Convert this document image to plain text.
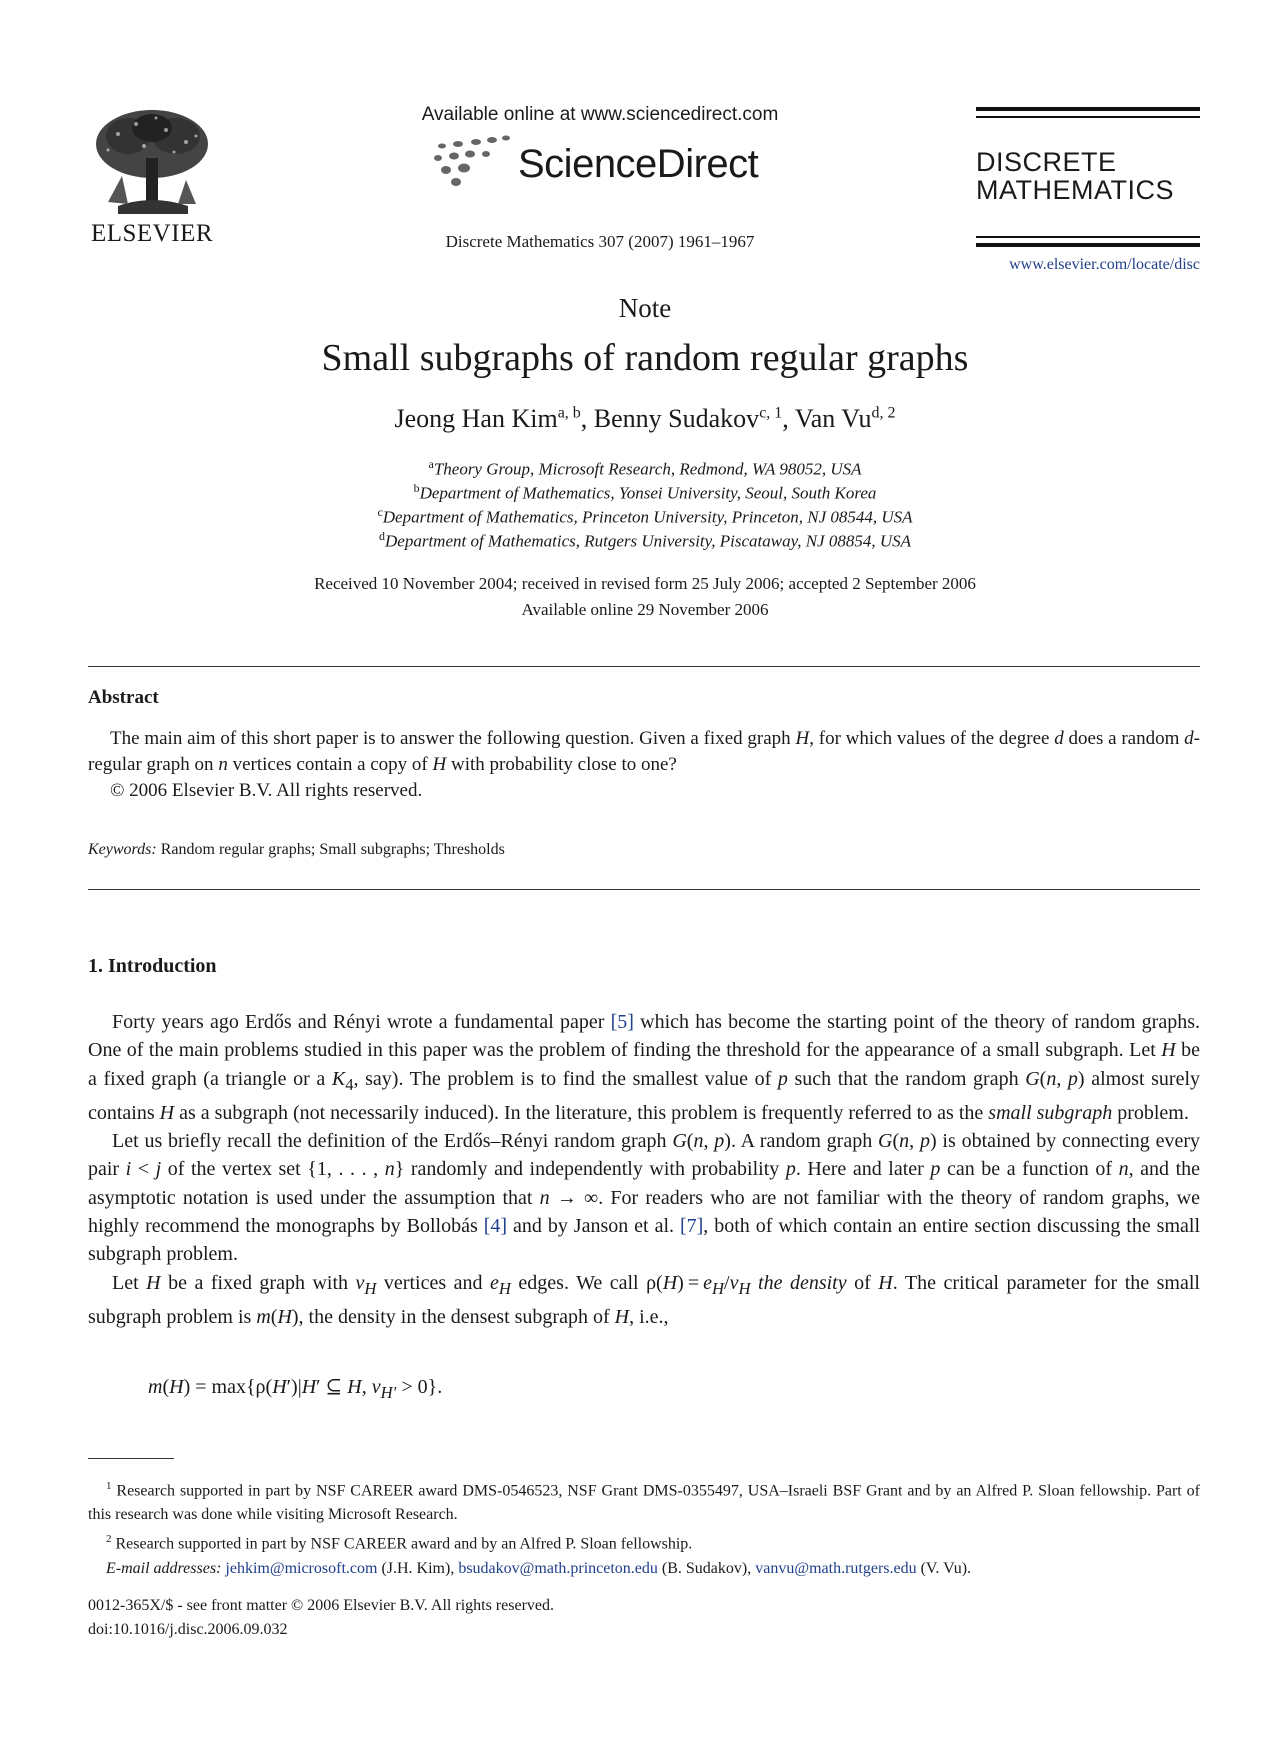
ELSEVIER
Available online at www.sciencedirect.com
ScienceDirect
Discrete Mathematics 307 (2007) 1961–1967
DISCRETE
MATHEMATICS
www.elsevier.com/locate/disc
Note
Small subgraphs of random regular graphs
Jeong Han Kim$^{a, b}$, Benny Sudakov$^{c, 1}$, Van Vu$^{d, 2}$
$^a$Theory Group, Microsoft Research, Redmond, WA 98052, USA
$^b$Department of Mathematics, Yonsei University, Seoul, South Korea
$^c$Department of Mathematics, Princeton University, Princeton, NJ 08544, USA
$^d$Department of Mathematics, Rutgers University, Piscataway, NJ 08854, USA
Received 10 November 2004; received in revised form 25 July 2006; accepted 2 September 2006
Available online 29 November 2006
Abstract

The main aim of this short paper is to answer the following question. Given a fixed graph H, for which values of the degree d does a random d-regular graph on n vertices contain a copy of H with probability close to one?

© 2006 Elsevier B.V. All rights reserved.

Keywords: Random regular graphs; Small subgraphs; Thresholds
1. Introduction

Forty years ago Erdős and Rényi wrote a fundamental paper [5] which has become the starting point of the theory of random graphs. One of the main problems studied in this paper was the problem of finding the threshold for the appearance of a small subgraph. Let H be a fixed graph (a triangle or a $K_4$, say). The problem is to find the smallest value of p such that the random graph G(n, p) almost surely contains H as a subgraph (not necessarily induced). In the literature, this problem is frequently referred to as the small subgraph problem.

Let us briefly recall the definition of the Erdős–Rényi random graph G(n, p). A random graph G(n, p) is obtained by connecting every pair i < j of the vertex set {1, . . . , n} randomly and independently with probability p. Here and later p can be a function of n, and the asymptotic notation is used under the assumption that n → ∞. For readers who are not familiar with the theory of random graphs, we highly recommend the monographs by Bollobás [4] and by Janson et al. [7], both of which contain an entire section discussing the small subgraph problem.

Let H be a fixed graph with $v_H$ vertices and $e_H$ edges. We call $\rho(H) = e_H/v_H$ the density of H. The critical parameter for the small subgraph problem is m(H), the density in the densest subgraph of H, i.e.,

m(H) = max{ρ(H′)|H′ ⊆ H, $v_{H'} > 0$}.

$^1$ Research supported in part by NSF CAREER award DMS-0546523, NSF Grant DMS-0355497, USA–Israeli BSF Grant and by an Alfred P. Sloan fellowship. Part of this research was done while visiting Microsoft Research.

$^2$ Research supported in part by NSF CAREER award and by an Alfred P. Sloan fellowship.

E-mail addresses: jehkim@microsoft.com (J.H. Kim), bsudakov@math.princeton.edu (B. Sudakov), vanvu@math.rutgers.edu (V. Vu).

0012-365X/$ - see front matter © 2006 Elsevier B.V. All rights reserved.
doi:10.1016/j.disc.2006.09.032
